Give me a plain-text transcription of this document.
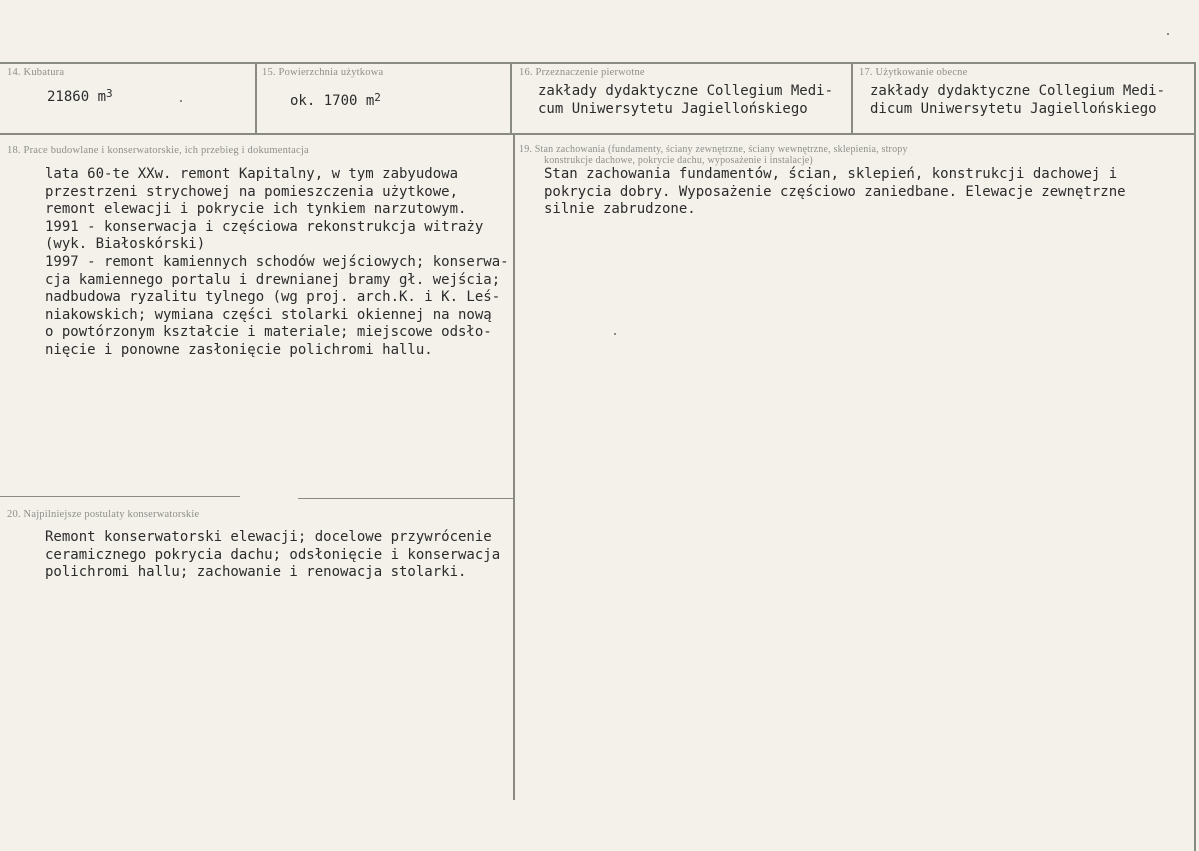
14. Kubatura
21860 $m^3$
15. Powierzchnia użytkowa
ok. 1700 $m^2$
16. Przeznaczenie pierwotne
zakłady dydaktyczne Collegium Medi-
cum Uniwersytetu Jagiellońskiego
17. Użytkowanie obecne
zakłady dydaktyczne Collegium Medi-
dicum Uniwersytetu Jagiellońskiego
18. Prace budowlane i konserwatorskie, ich przebieg i dokumentacja
lata 60-te XXw. remont Kapitalny, w tym zabyudowa
przestrzeni strychowej na pomieszczenia użytkowe,
remont elewacji i pokrycie ich tynkiem narzutowym.
1991 - konserwacja i częściowa rekonstrukcja witraży
(wyk. Białoskórski)
1997 - remont kamiennych schodów wejściowych; konserwa-
cja kamiennego portalu i drewnianej bramy gł. wejścia;
nadbudowa ryzalitu tylnego (wg proj. arch.K. i K. Leś-
niakowskich; wymiana części stolarki okiennej na nową
o powtórzonym kształcie i materiale; miejscowe odsło-
nięcie i ponowne zasłonięcie polichromi hallu.
19. Stan zachowania (fundamenty, ściany zewnętrzne, ściany wewnętrzne, sklepienia, stropy
konstrukcje dachowe, pokrycie dachu, wyposażenie i instalacje)
Stan zachowania fundamentów, ścian, sklepień, konstrukcji dachowej i
pokrycia dobry. Wyposażenie częściowo zaniedbane. Elewacje zewnętrzne
silnie zabrudzone.
20. Najpilniejsze postulaty konserwatorskie
Remont konserwatorski elewacji; docelowe przywrócenie
ceramicznego pokrycia dachu; odsłonięcie i konserwacja
polichromi hallu; zachowanie i renowacja stolarki.
